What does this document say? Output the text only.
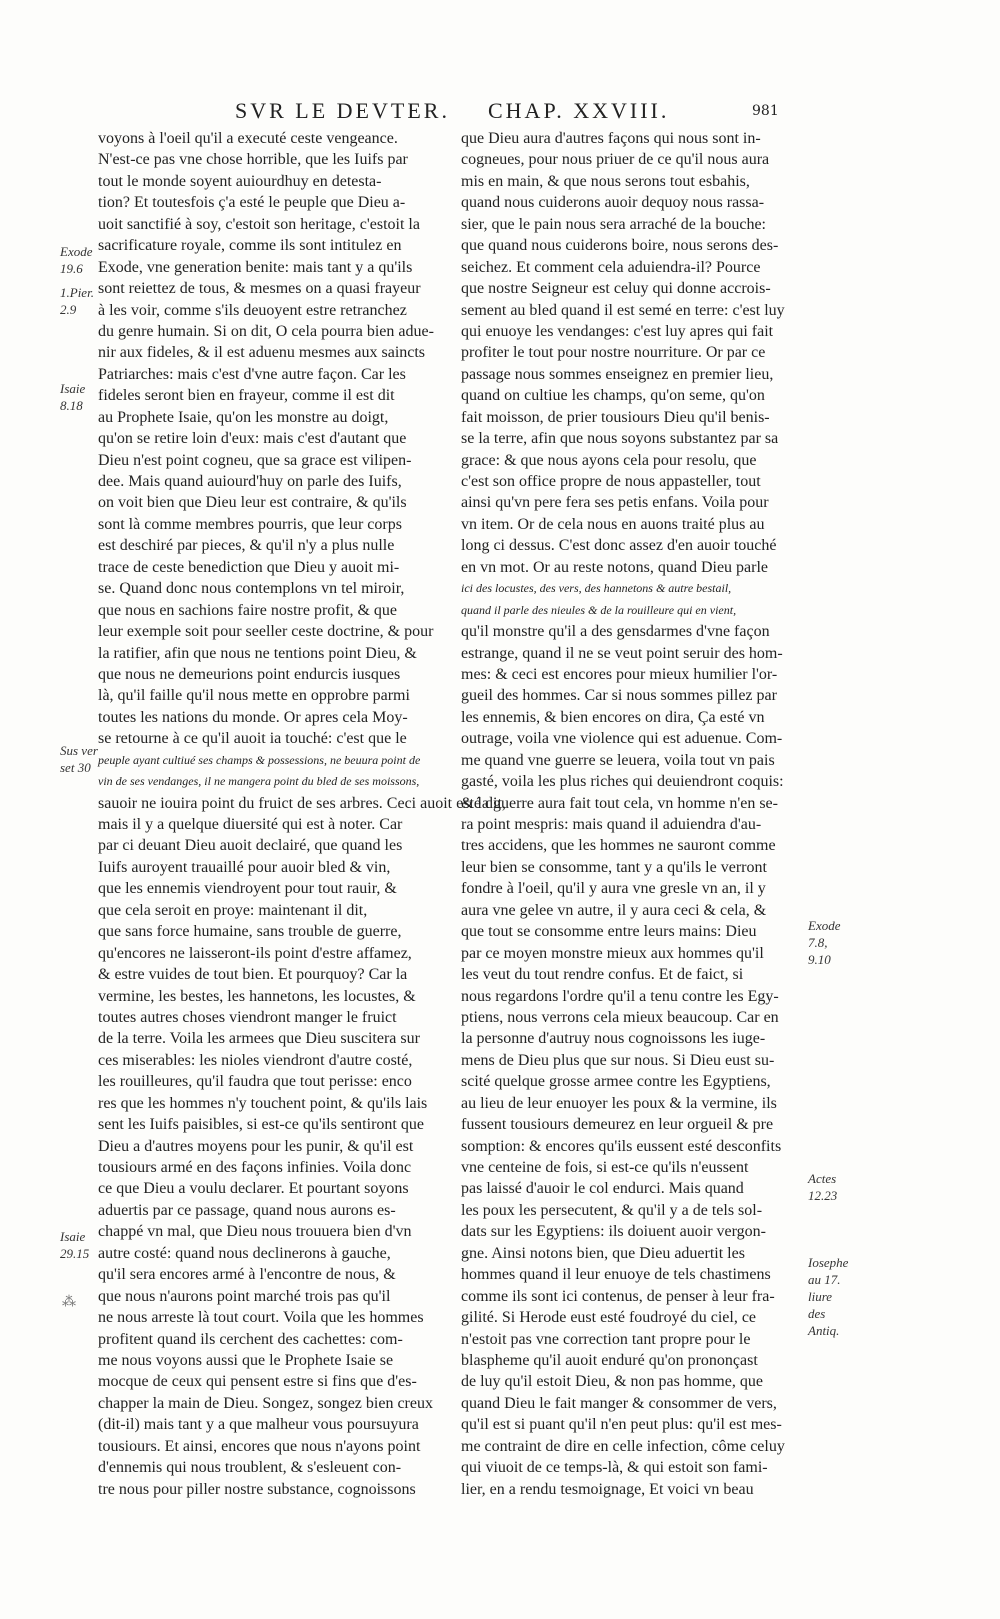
SVR LE DEVTER.	CHAP. XXVIII.	981
voyons à l'oeil qu'il a executé ceste vengeance.
N'est-ce pas vne chose horrible, que les Iuifs par
tout le monde soyent auiourdhuy en detesta-
tion? Et toutesfois ç'a esté le peuple que Dieu a-
uoit sanctifié à soy, c'estoit son heritage, c'estoit la
sacrificature royale, comme ils sont intitulez en
Exode, vne generation benite: mais tant y a qu'ils
sont reiettez de tous, & mesmes on a quasi frayeur
à les voir, comme s'ils deuoyent estre retranchez
du genre humain. Si on dit, O cela pourra bien adue-
nir aux fideles, & il est aduenu mesmes aux saincts
Patriarches: mais c'est d'vne autre façon. Car les
fideles seront bien en frayeur, comme il est dit
au Prophete Isaie, qu'on les monstre au doigt,
qu'on se retire loin d'eux: mais c'est d'autant que
Dieu n'est point cogneu, que sa grace est vilipen-
dee. Mais quand auiourd'huy on parle des Iuifs,
on voit bien que Dieu leur est contraire, & qu'ils
sont là comme membres pourris, que leur corps
est deschiré par pieces, & qu'il n'y a plus nulle
trace de ceste benediction que Dieu y auoit mi-
se. Quand donc nous contemplons vn tel miroir,
que nous en sachions faire nostre profit, & que
leur exemple soit pour seeller ceste doctrine, & pour
la ratifier, afin que nous ne tentions point Dieu, &
que nous ne demeurions point endurcis iusques
là, qu'il faille qu'il nous mette en opprobre parmi
toutes les nations du monde. Or apres cela Moy-
se retourne à ce qu'il auoit ia touché: c'est que le
peuple ayant cultiué ses champs & possessions, ne beuura point de
vin de ses vendanges, il ne mangera point du bled de ses moissons,
sauoir ne iouira point du fruict de ses arbres. Ceci auoit esté dit,
mais il y a quelque diuersité qui est à noter. Car
par ci deuant Dieu auoit declairé, que quand les
Iuifs auroyent trauaillé pour auoir bled & vin,
que les ennemis viendroyent pour tout rauir, &
que cela seroit en proye: maintenant il dit,
que sans force humaine, sans trouble de guerre,
qu'encores ne laisseront-ils point d'estre affamez,
& estre vuides de tout bien. Et pourquoy? Car la
vermine, les bestes, les hannetons, les locustes, &
toutes autres choses viendront manger le fruict
de la terre. Voila les armees que Dieu suscitera sur
ces miserables: les nioles viendront d'autre costé,
les rouilleures, qu'il faudra que tout perisse: enco
res que les hommes n'y touchent point, & qu'ils lais
sent les Iuifs paisibles, si est-ce qu'ils sentiront que
Dieu a d'autres moyens pour les punir, & qu'il est
tousiours armé en des façons infinies. Voila donc
ce que Dieu a voulu declarer. Et pourtant soyons
aduertis par ce passage, quand nous aurons es-
chappé vn mal, que Dieu nous trouuera bien d'vn
autre costé: quand nous declinerons à gauche,
qu'il sera encores armé à l'encontre de nous, &
que nous n'aurons point marché trois pas qu'il
ne nous arreste là tout court. Voila que les hommes
profitent quand ils cerchent des cachettes: com-
me nous voyons aussi que le Prophete Isaie se
mocque de ceux qui pensent estre si fins que d'es-
chapper la main de Dieu. Songez, songez bien creux
(dit-il) mais tant y a que malheur vous poursuyura
tousiours. Et ainsi, encores que nous n'ayons point
d'ennemis qui nous troublent, & s'esleuent con-
tre nous pour piller nostre substance, cognoissons
que Dieu aura d'autres façons qui nous sont in-
cogneues, pour nous priuer de ce qu'il nous aura
mis en main, & que nous serons tout esbahis,
quand nous cuiderons auoir dequoy nous rassa-
sier, que le pain nous sera arraché de la bouche:
que quand nous cuiderons boire, nous serons des-
seichez. Et comment cela aduiendra-il? Pource
que nostre Seigneur est celuy qui donne accrois-
sement au bled quand il est semé en terre: c'est luy
qui enuoye les vendanges: c'est luy apres qui fait
profiter le tout pour nostre nourriture. Or par ce
passage nous sommes enseignez en premier lieu,
quand on cultiue les champs, qu'on seme, qu'on
fait moisson, de prier tousiours Dieu qu'il benis-
se la terre, afin que nous soyons substantez par sa
grace: & que nous ayons cela pour resolu, que
c'est son office propre de nous appasteller, tout
ainsi qu'vn pere fera ses petis enfans. Voila pour
vn item. Or de cela nous en auons traité plus au
long ci dessus. C'est donc assez d'en auoir touché
en vn mot. Or au reste notons, quand Dieu parle
ici des locustes, des vers, des hannetons & autre bestail,
quand il parle des nieules & de la rouilleure qui en vient,
qu'il monstre qu'il a des gensdarmes d'vne façon
estrange, quand il ne se veut point seruir des hom-
mes: & ceci est encores pour mieux humilier l'or-
gueil des hommes. Car si nous sommes pillez par
les ennemis, & bien encores on dira, Ça esté vn
outrage, voila vne violence qui est aduenue. Com-
me quand vne guerre se leuera, voila tout vn pais
gasté, voila les plus riches qui deuiendront coquis:
& la guerre aura fait tout cela, vn homme n'en se-
ra point mespris: mais quand il aduiendra d'au-
tres accidens, que les hommes ne sauront comme
leur bien se consomme, tant y a qu'ils le verront
fondre à l'oeil, qu'il y aura vne gresle vn an, il y
aura vne gelee vn autre, il y aura ceci & cela, &
que tout se consomme entre leurs mains: Dieu
par ce moyen monstre mieux aux hommes qu'il
les veut du tout rendre confus. Et de faict, si
nous regardons l'ordre qu'il a tenu contre les Egy-
ptiens, nous verrons cela mieux beaucoup. Car en
la personne d'autruy nous cognoissons les iuge-
mens de Dieu plus que sur nous. Si Dieu eust su-
scité quelque grosse armee contre les Egyptiens,
au lieu de leur enuoyer les poux & la vermine, ils
fussent tousiours demeurez en leur orgueil & pre
somption: & encores qu'ils eussent esté desconfits
vne centeine de fois, si est-ce qu'ils n'eussent
pas laissé d'auoir le col endurci. Mais quand
les poux les persecutent, & qu'il y a de tels sol-
dats sur les Egyptiens: ils doiuent auoir vergon-
gne. Ainsi notons bien, que Dieu aduertit les
hommes quand il leur enuoye de tels chastimens
comme ils sont ici contenus, de penser à leur fra-
gilité. Si Herode eust esté foudroyé du ciel, ce
n'estoit pas vne correction tant propre pour le
blaspheme qu'il auoit enduré qu'on prononçast
de luy qu'il estoit Dieu, & non pas homme, que
quand Dieu le fait manger & consommer de vers,
qu'il est si puant qu'il n'en peut plus: qu'il est mes-
me contraint de dire en celle infection, côme celuy
qui viuoit de ce temps-là, & qui estoit son fami-
lier, en a rendu tesmoignage, Et voici vn beau
Exode
19.6
1.Pier.
2.9
Isaie
8.18
Sus ver
set 30
Isaie
29.15
Exode
7.8,
9.10
Actes
12.23
Iosephe
au 17.
liure
des
Antiq.
⁂
